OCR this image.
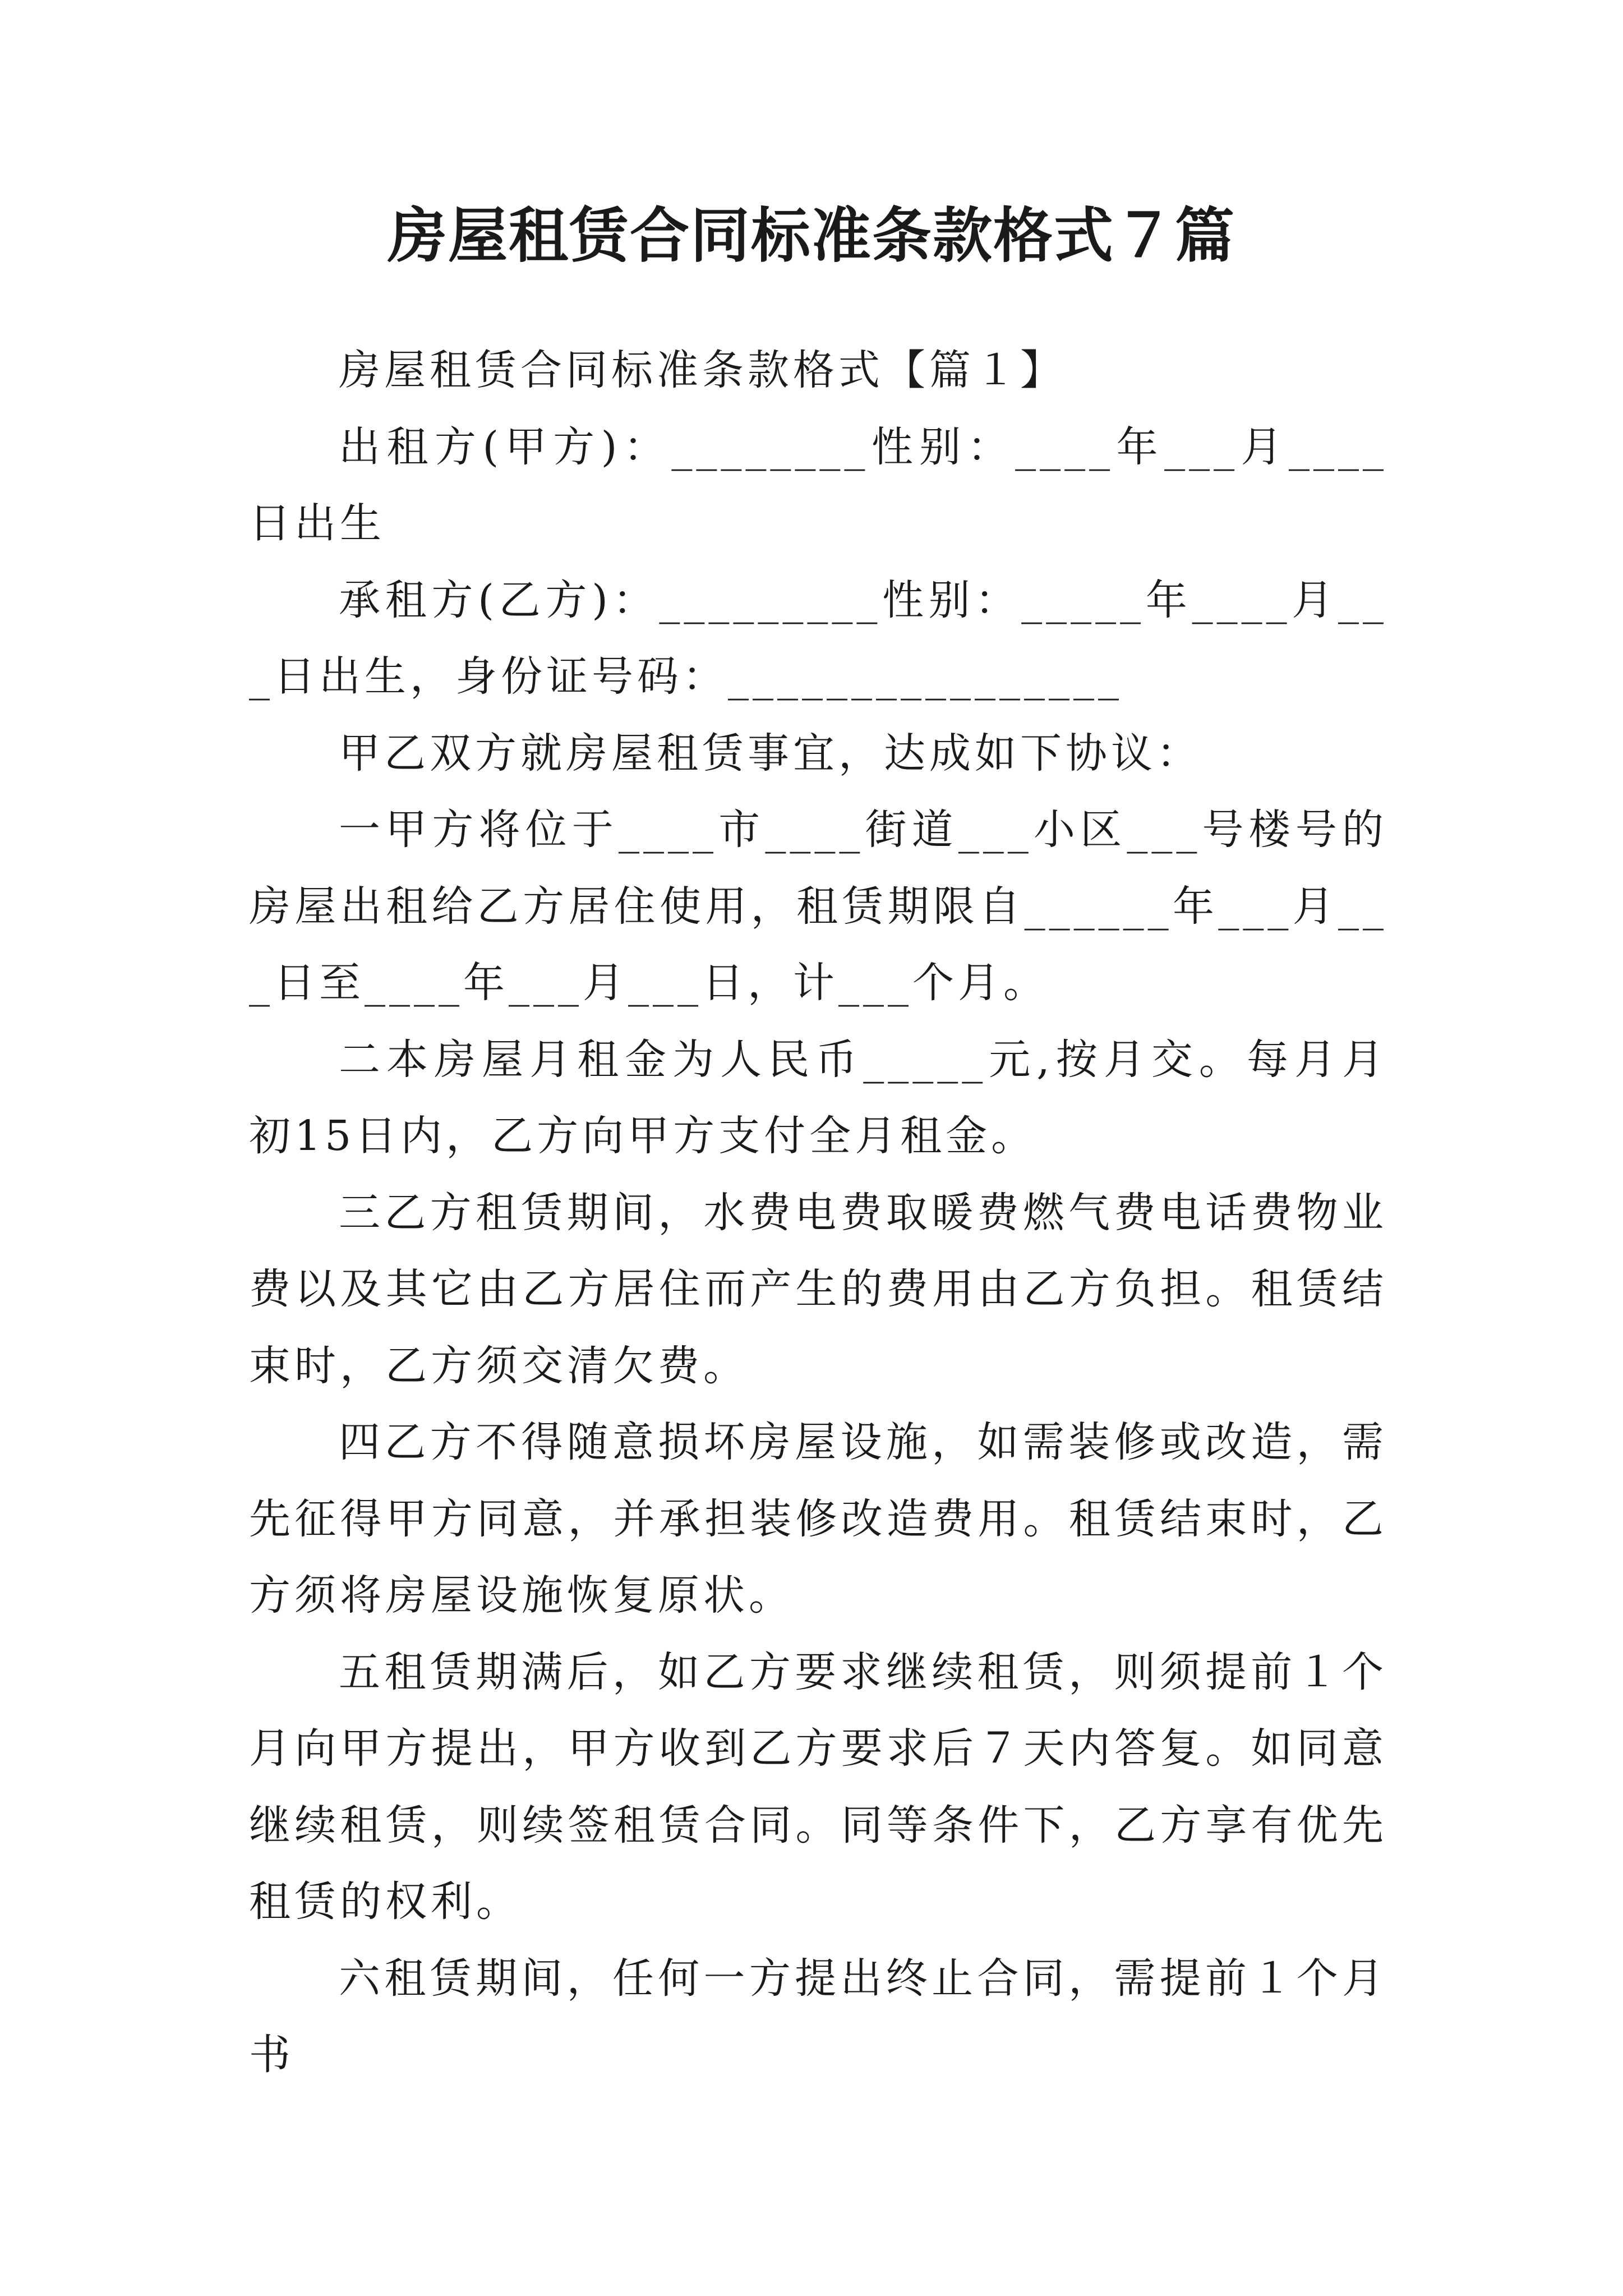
房屋租赁合同标准条款格式７篇

房屋租赁合同标准条款格式【篇１】

出租方(甲方)：________性别：____年___月____日出生

承租方(乙方)：_________性别：_____年____月___日出生，身份证号码：________________

甲乙双方就房屋租赁事宜，达成如下协议：

一甲方将位于____市____街道___小区___号楼号的房屋出租给乙方居住使用，租赁期限自______年___月___日至____年___月___日，计___个月。

二本房屋月租金为人民币_____元,按月交。每月月初15日内，乙方向甲方支付全月租金。

三乙方租赁期间，水费电费取暖费燃气费电话费物业费以及其它由乙方居住而产生的费用由乙方负担。租赁结束时，乙方须交清欠费。

四乙方不得随意损坏房屋设施，如需装修或改造，需先征得甲方同意，并承担装修改造费用。租赁结束时，乙方须将房屋设施恢复原状。

五租赁期满后，如乙方要求继续租赁，则须提前１个月向甲方提出，甲方收到乙方要求后７天内答复。如同意继续租赁，则续签租赁合同。同等条件下，乙方享有优先租赁的权利。

六租赁期间，任何一方提出终止合同，需提前１个月书
